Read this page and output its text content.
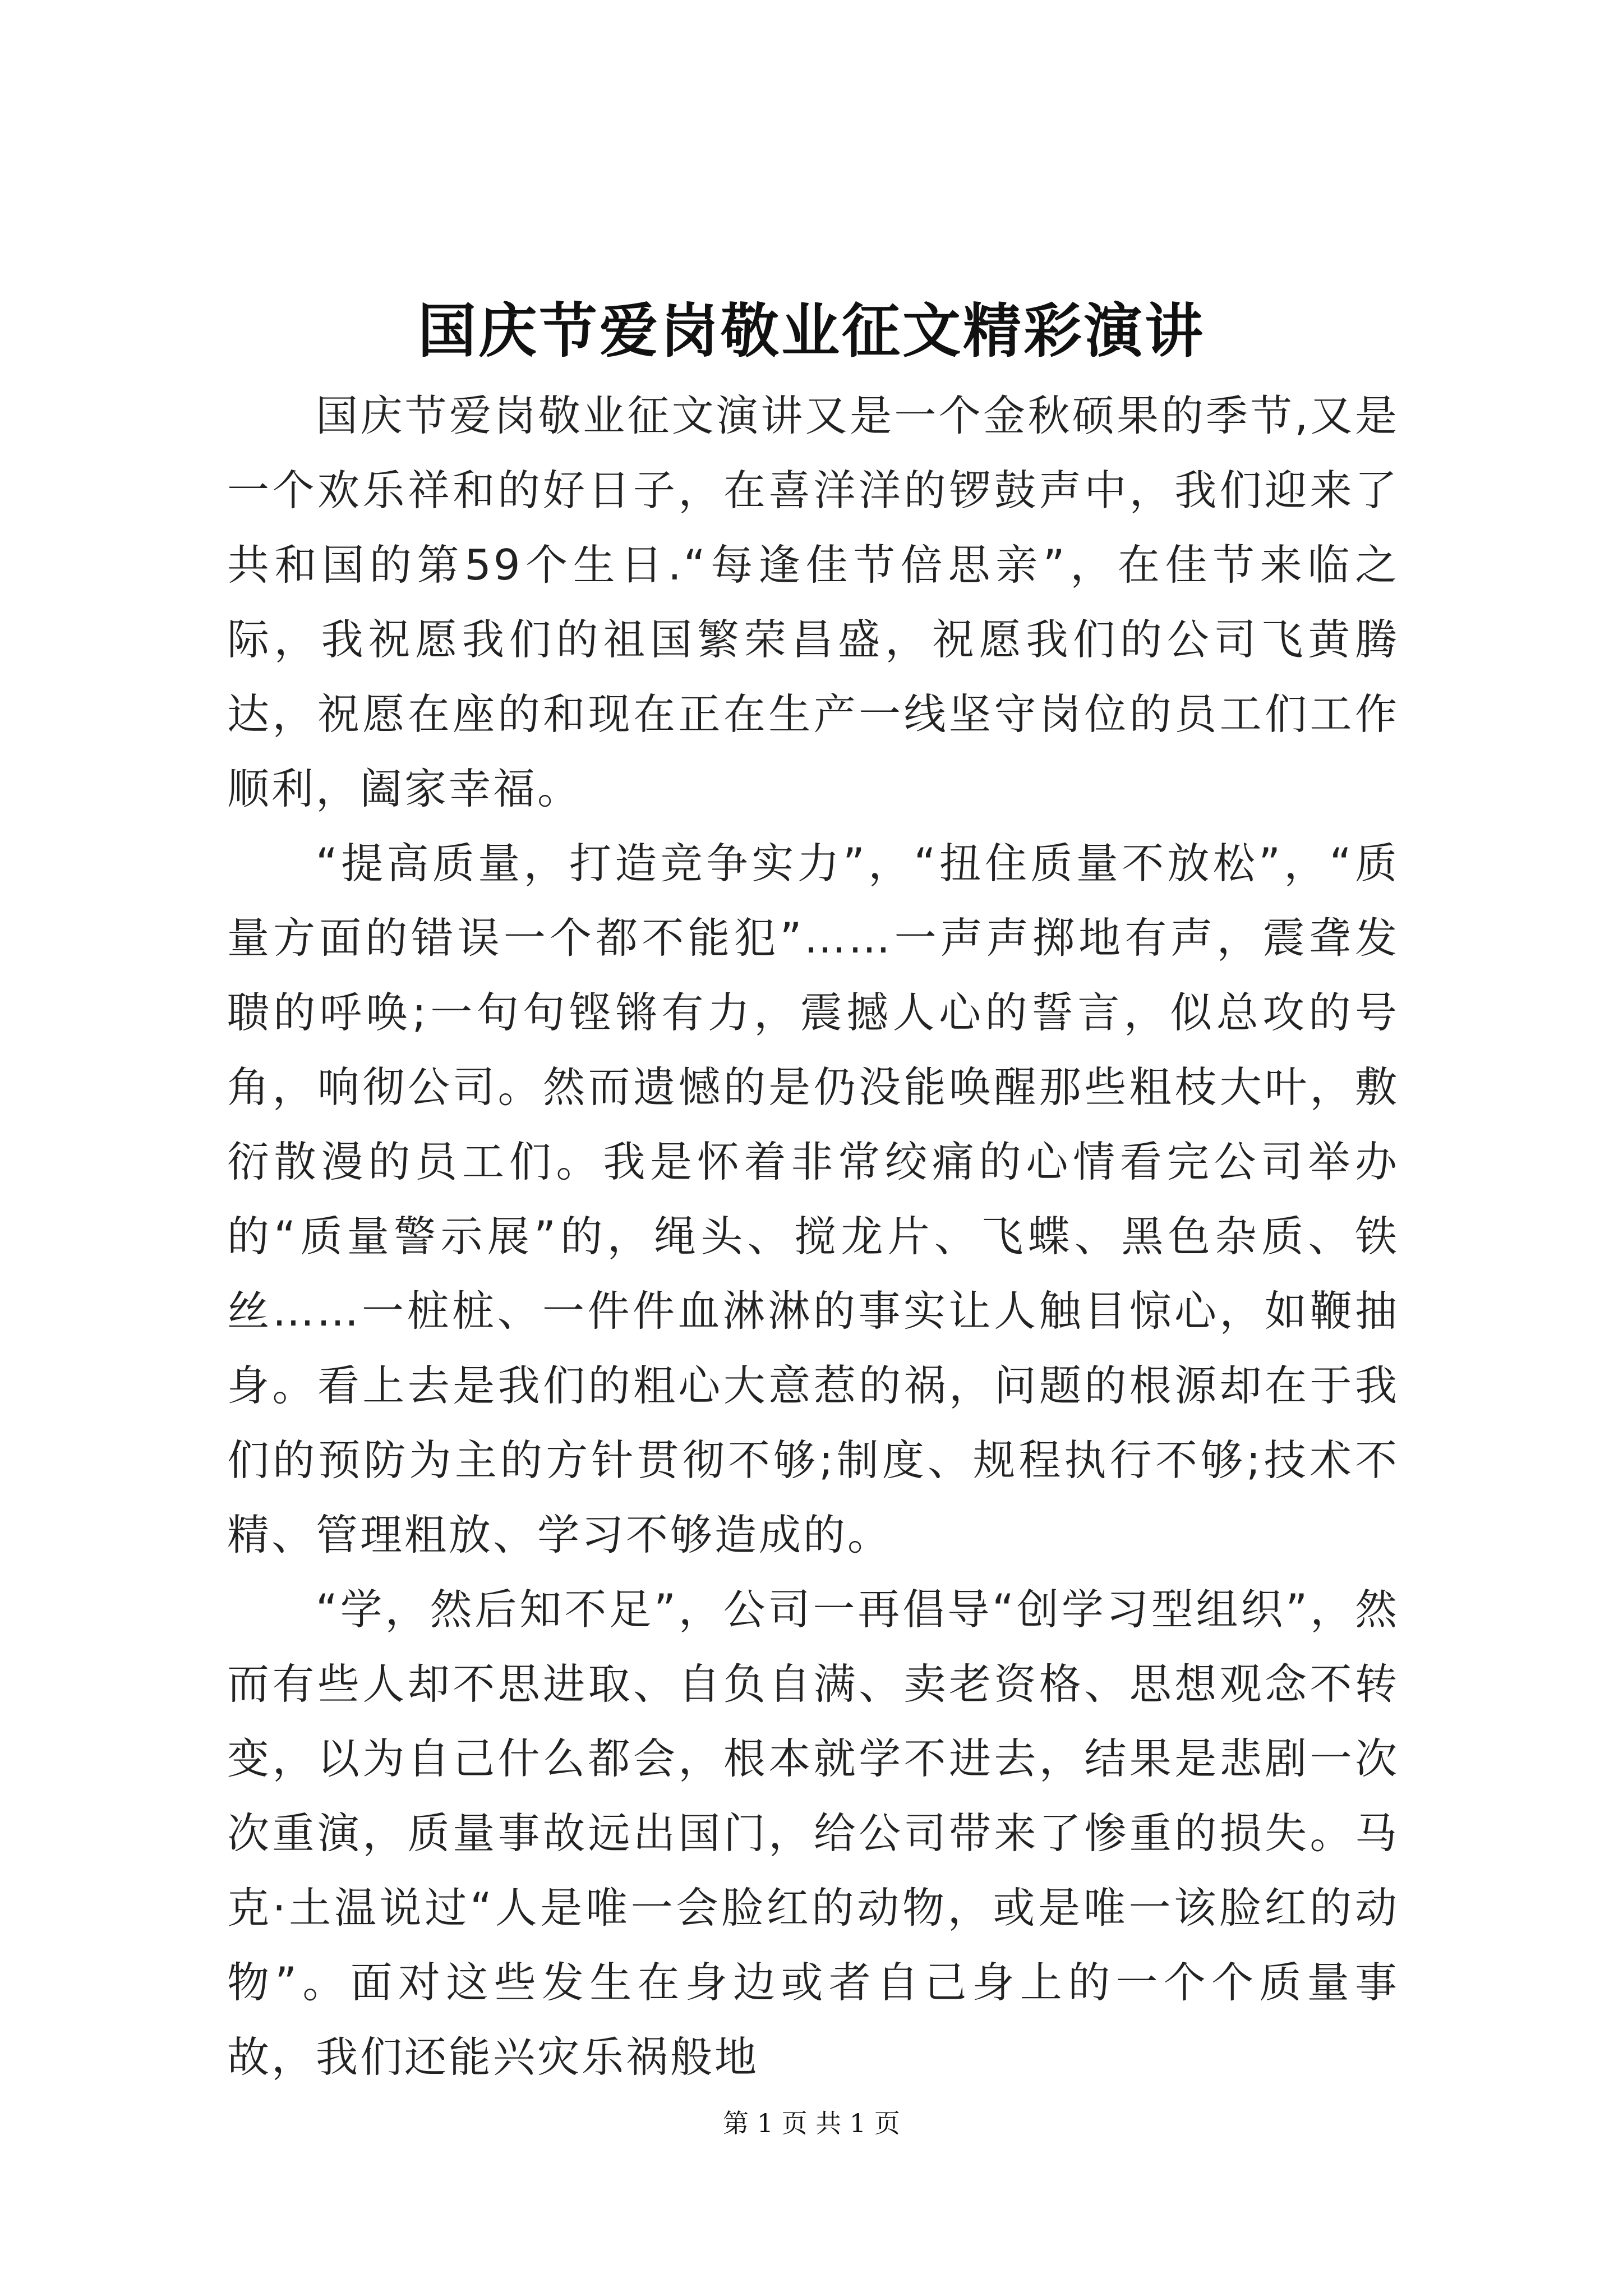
国庆节爱岗敬业征文精彩演讲

国庆节爱岗敬业征文演讲又是一个金秋硕果的季节,又是一个欢乐祥和的好日子，在喜洋洋的锣鼓声中，我们迎来了共和国的第59个生日.“每逢佳节倍思亲”，在佳节来临之际，我祝愿我们的祖国繁荣昌盛，祝愿我们的公司飞黄腾达，祝愿在座的和现在正在生产一线坚守岗位的员工们工作顺利，阖家幸福。

“提高质量，打造竞争实力”，“扭住质量不放松”，“质量方面的错误一个都不能犯”……一声声掷地有声，震聋发聩的呼唤;一句句铿锵有力，震撼人心的誓言，似总攻的号角，响彻公司。然而遗憾的是仍没能唤醒那些粗枝大叶，敷衍散漫的员工们。我是怀着非常绞痛的心情看完公司举办的“质量警示展”的，绳头、搅龙片、飞蝶、黑色杂质、铁丝……一桩桩、一件件血淋淋的事实让人触目惊心，如鞭抽身。看上去是我们的粗心大意惹的祸，问题的根源却在于我们的预防为主的方针贯彻不够;制度、规程执行不够;技术不精、管理粗放、学习不够造成的。

“学，然后知不足”，公司一再倡导“创学习型组织”，然而有些人却不思进取、自负自满、卖老资格、思想观念不转变，以为自己什么都会，根本就学不进去，结果是悲剧一次次重演，质量事故远出国门，给公司带来了惨重的损失。马克·土温说过“人是唯一会脸红的动物，或是唯一该脸红的动物”。面对这些发生在身边或者自己身上的一个个质量事故，我们还能兴灾乐祸般地

第 1 页 共 1 页
